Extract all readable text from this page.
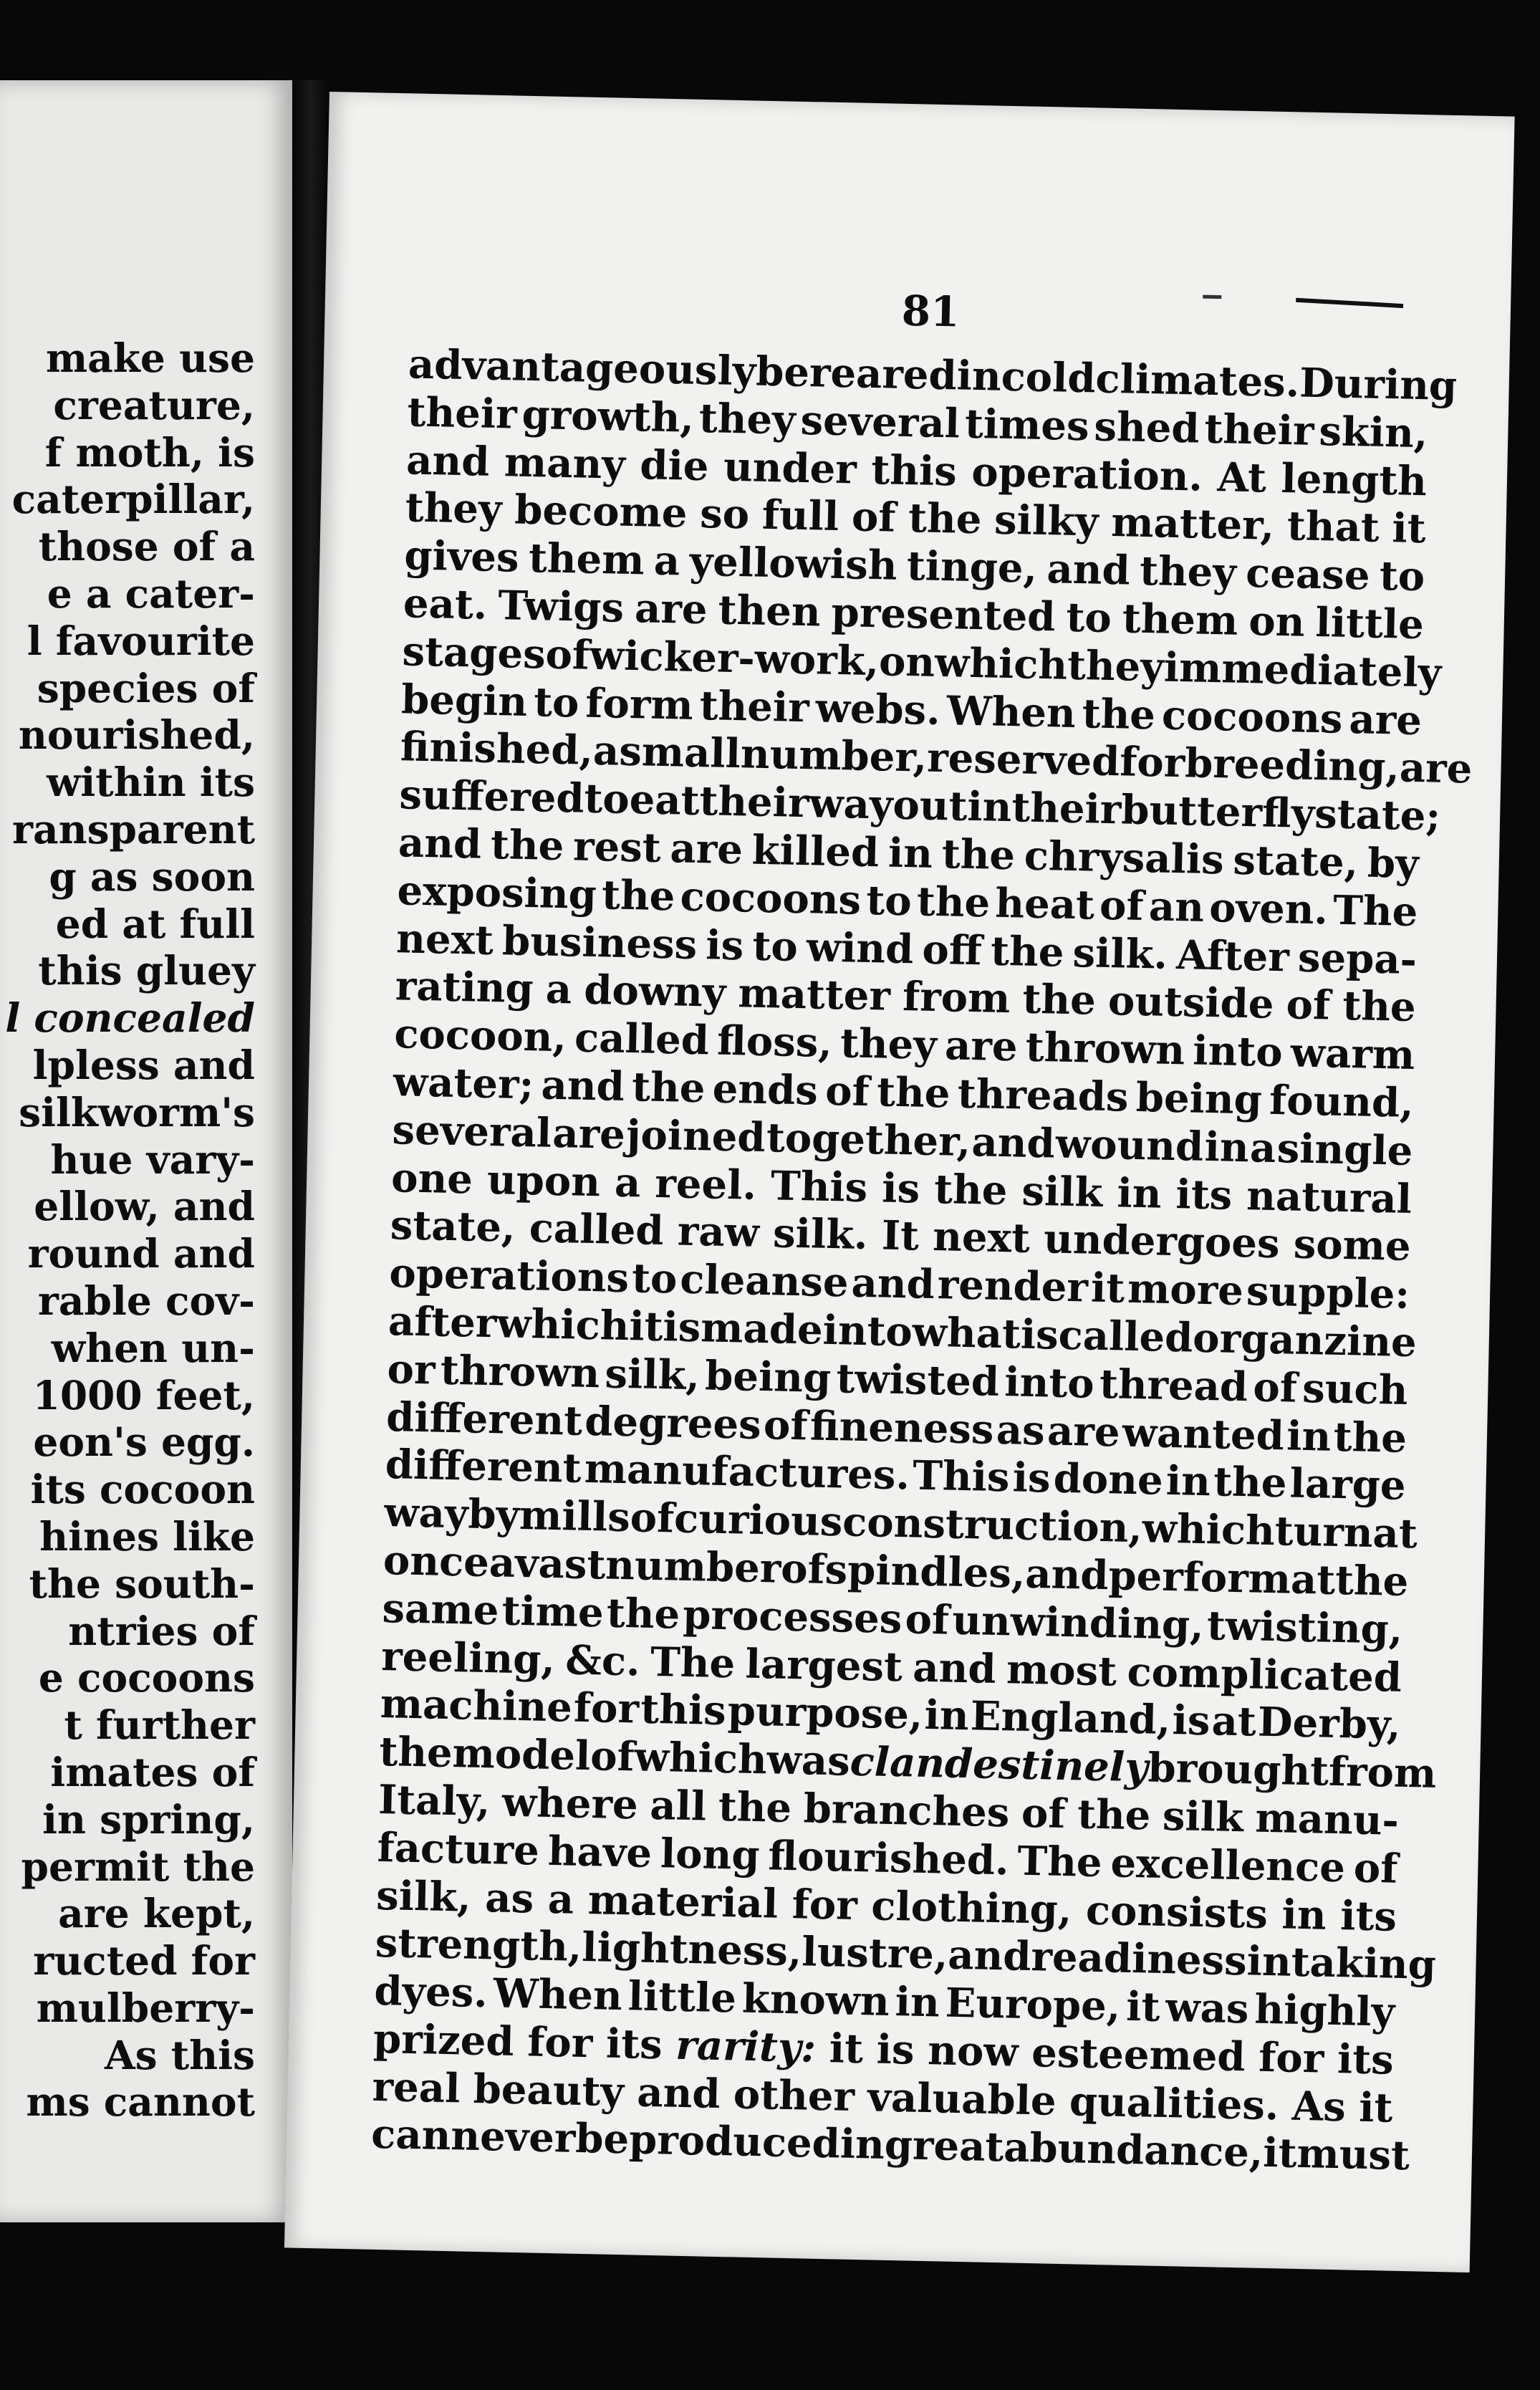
make use
creature,
f moth, is
caterpillar,
those of a
e a cater-
l favourite
species of
nourished,
within its
ransparent
g as soon
ed at full
this gluey
l concealed
lpless and
silkworm's
hue vary-
ellow, and
round and
rable cov-
when un-
1000 feet,
eon's egg.
its cocoon
hines like
the south-
ntries of
e cocoons
t further
imates of
in spring,
permit the
are kept,
ructed for
mulberry-
As this
ms cannot
81
advantageously
be
reared
in
cold
climates.
During
their growth, they several times shed their skin,
and many die under this operation. At length
they become so full of the silky matter, that it
gives them a yellowish tinge, and they cease to
eat. Twigs are then presented to them on little
stages
of
wicker-work,
on
which
they
immediately
begin to form their webs. When the cocoons are
finished,
a
small
number,
reserved
for
breeding,
are
suffered
to
eat
their
way
out
in
their
butterfly
state;
and the rest are killed in the chrysalis state, by
exposing the cocoons to the heat of an oven. The
next business is to wind off the silk. After sepa-
rating a downy matter from the outside of the
cocoon, called floss, they are thrown into warm
water; and the ends of the threads being found,
several are joined together, and wound in a single
one upon a reel. This is the silk in its natural
state, called raw silk. It next undergoes some
operations to cleanse and render it more supple:
after
which
it
is
made
into
what
is
called
organzine
or thrown silk, being twisted into thread of such
different degrees of fineness as are wanted in the
different manufactures. This is done in the large
way
by
mills
of
curious
construction,
which
turn
at
once
a
vast
number
of
spindles,
and
perform
at
the
same time the processes of unwinding, twisting,
reeling, &c. The largest and most complicated
machine for this purpose, in England, is at Derby,
the
model
of
which
was
clandestinely
brought
from
Italy, where all the branches of the silk manu-
facture have long flourished. The excellence of
silk, as a material for clothing, consists in its
strength,
lightness,
lustre,
and
readiness
in
taking
dyes. When little known in Europe, it was highly
prized for its rarity: it is now esteemed for its
real beauty and other valuable qualities. As it
can
never
be
produced
in
great
abundance,
it
must
